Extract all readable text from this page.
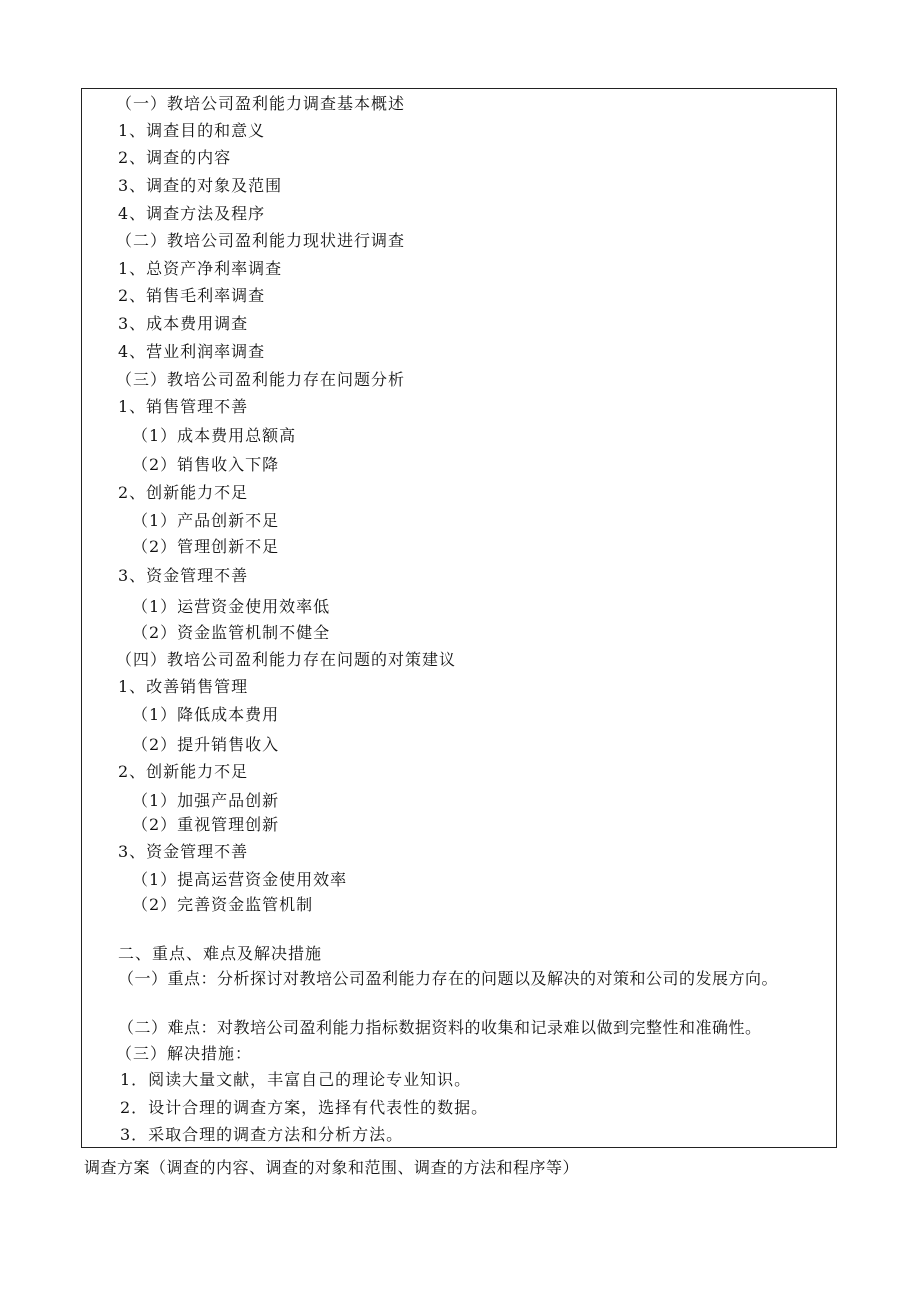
（一）教培公司盈利能力调查基本概述
1、调查目的和意义
2、调查的内容
3、调查的对象及范围
4、调查方法及程序
（二）教培公司盈利能力现状进行调查
1、总资产净利率调查
2、销售毛利率调查
3、成本费用调查
4、营业利润率调查
（三）教培公司盈利能力存在问题分析
1、销售管理不善
（1）成本费用总额高
（2）销售收入下降
2、创新能力不足
（1）产品创新不足
（2）管理创新不足
3、资金管理不善
（1）运营资金使用效率低
（2）资金监管机制不健全
（四）教培公司盈利能力存在问题的对策建议
1、改善销售管理
（1）降低成本费用
（2）提升销售收入
2、创新能力不足
（1）加强产品创新
（2）重视管理创新
3、资金管理不善
（1）提高运营资金使用效率
（2）完善资金监管机制
二、重点、难点及解决措施
（一）重点：分析探讨对教培公司盈利能力存在的问题以及解决的对策和公司的发展方向。
（二）难点：对教培公司盈利能力指标数据资料的收集和记录难以做到完整性和准确性。
（三）解决措施：
1．阅读大量文献，丰富自己的理论专业知识。
2．设计合理的调查方案，选择有代表性的数据。
3．采取合理的调查方法和分析方法。
调查方案（调查的内容、调查的对象和范围、调查的方法和程序等）
